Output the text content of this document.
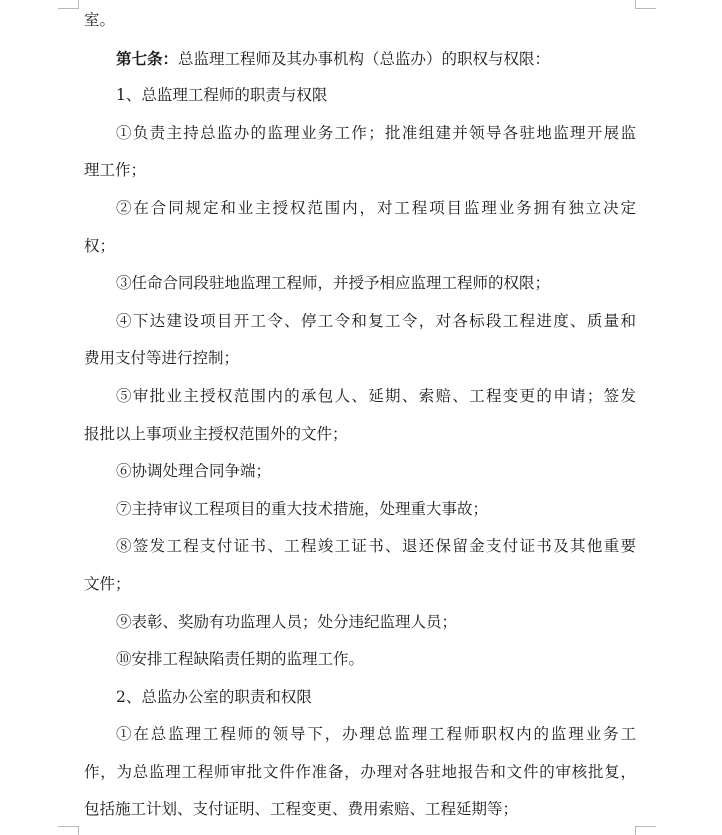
室。
第七条：总监理工程师及其办事机构（总监办）的职权与权限：
1、总监理工程师的职责与权限
①负责主持总监办的监理业务工作；批准组建并领导各驻地监理开展监
理工作；
②在合同规定和业主授权范围内，对工程项目监理业务拥有独立决定
权；
③任命合同段驻地监理工程师，并授予相应监理工程师的权限；
④下达建设项目开工令、停工令和复工令，对各标段工程进度、质量和
费用支付等进行控制；
⑤审批业主授权范围内的承包人、延期、索赔、工程变更的申请；签发
报批以上事项业主授权范围外的文件；
⑥协调处理合同争端；
⑦主持审议工程项目的重大技术措施，处理重大事故；
⑧签发工程支付证书、工程竣工证书、退还保留金支付证书及其他重要
文件；
⑨表彰、奖励有功监理人员；处分违纪监理人员；
⑩安排工程缺陷责任期的监理工作。
2、总监办公室的职责和权限
①在总监理工程师的领导下，办理总监理工程师职权内的监理业务工
作，为总监理工程师审批文件作准备，办理对各驻地报告和文件的审核批复，
包括施工计划、支付证明、工程变更、费用索赔、工程延期等；
